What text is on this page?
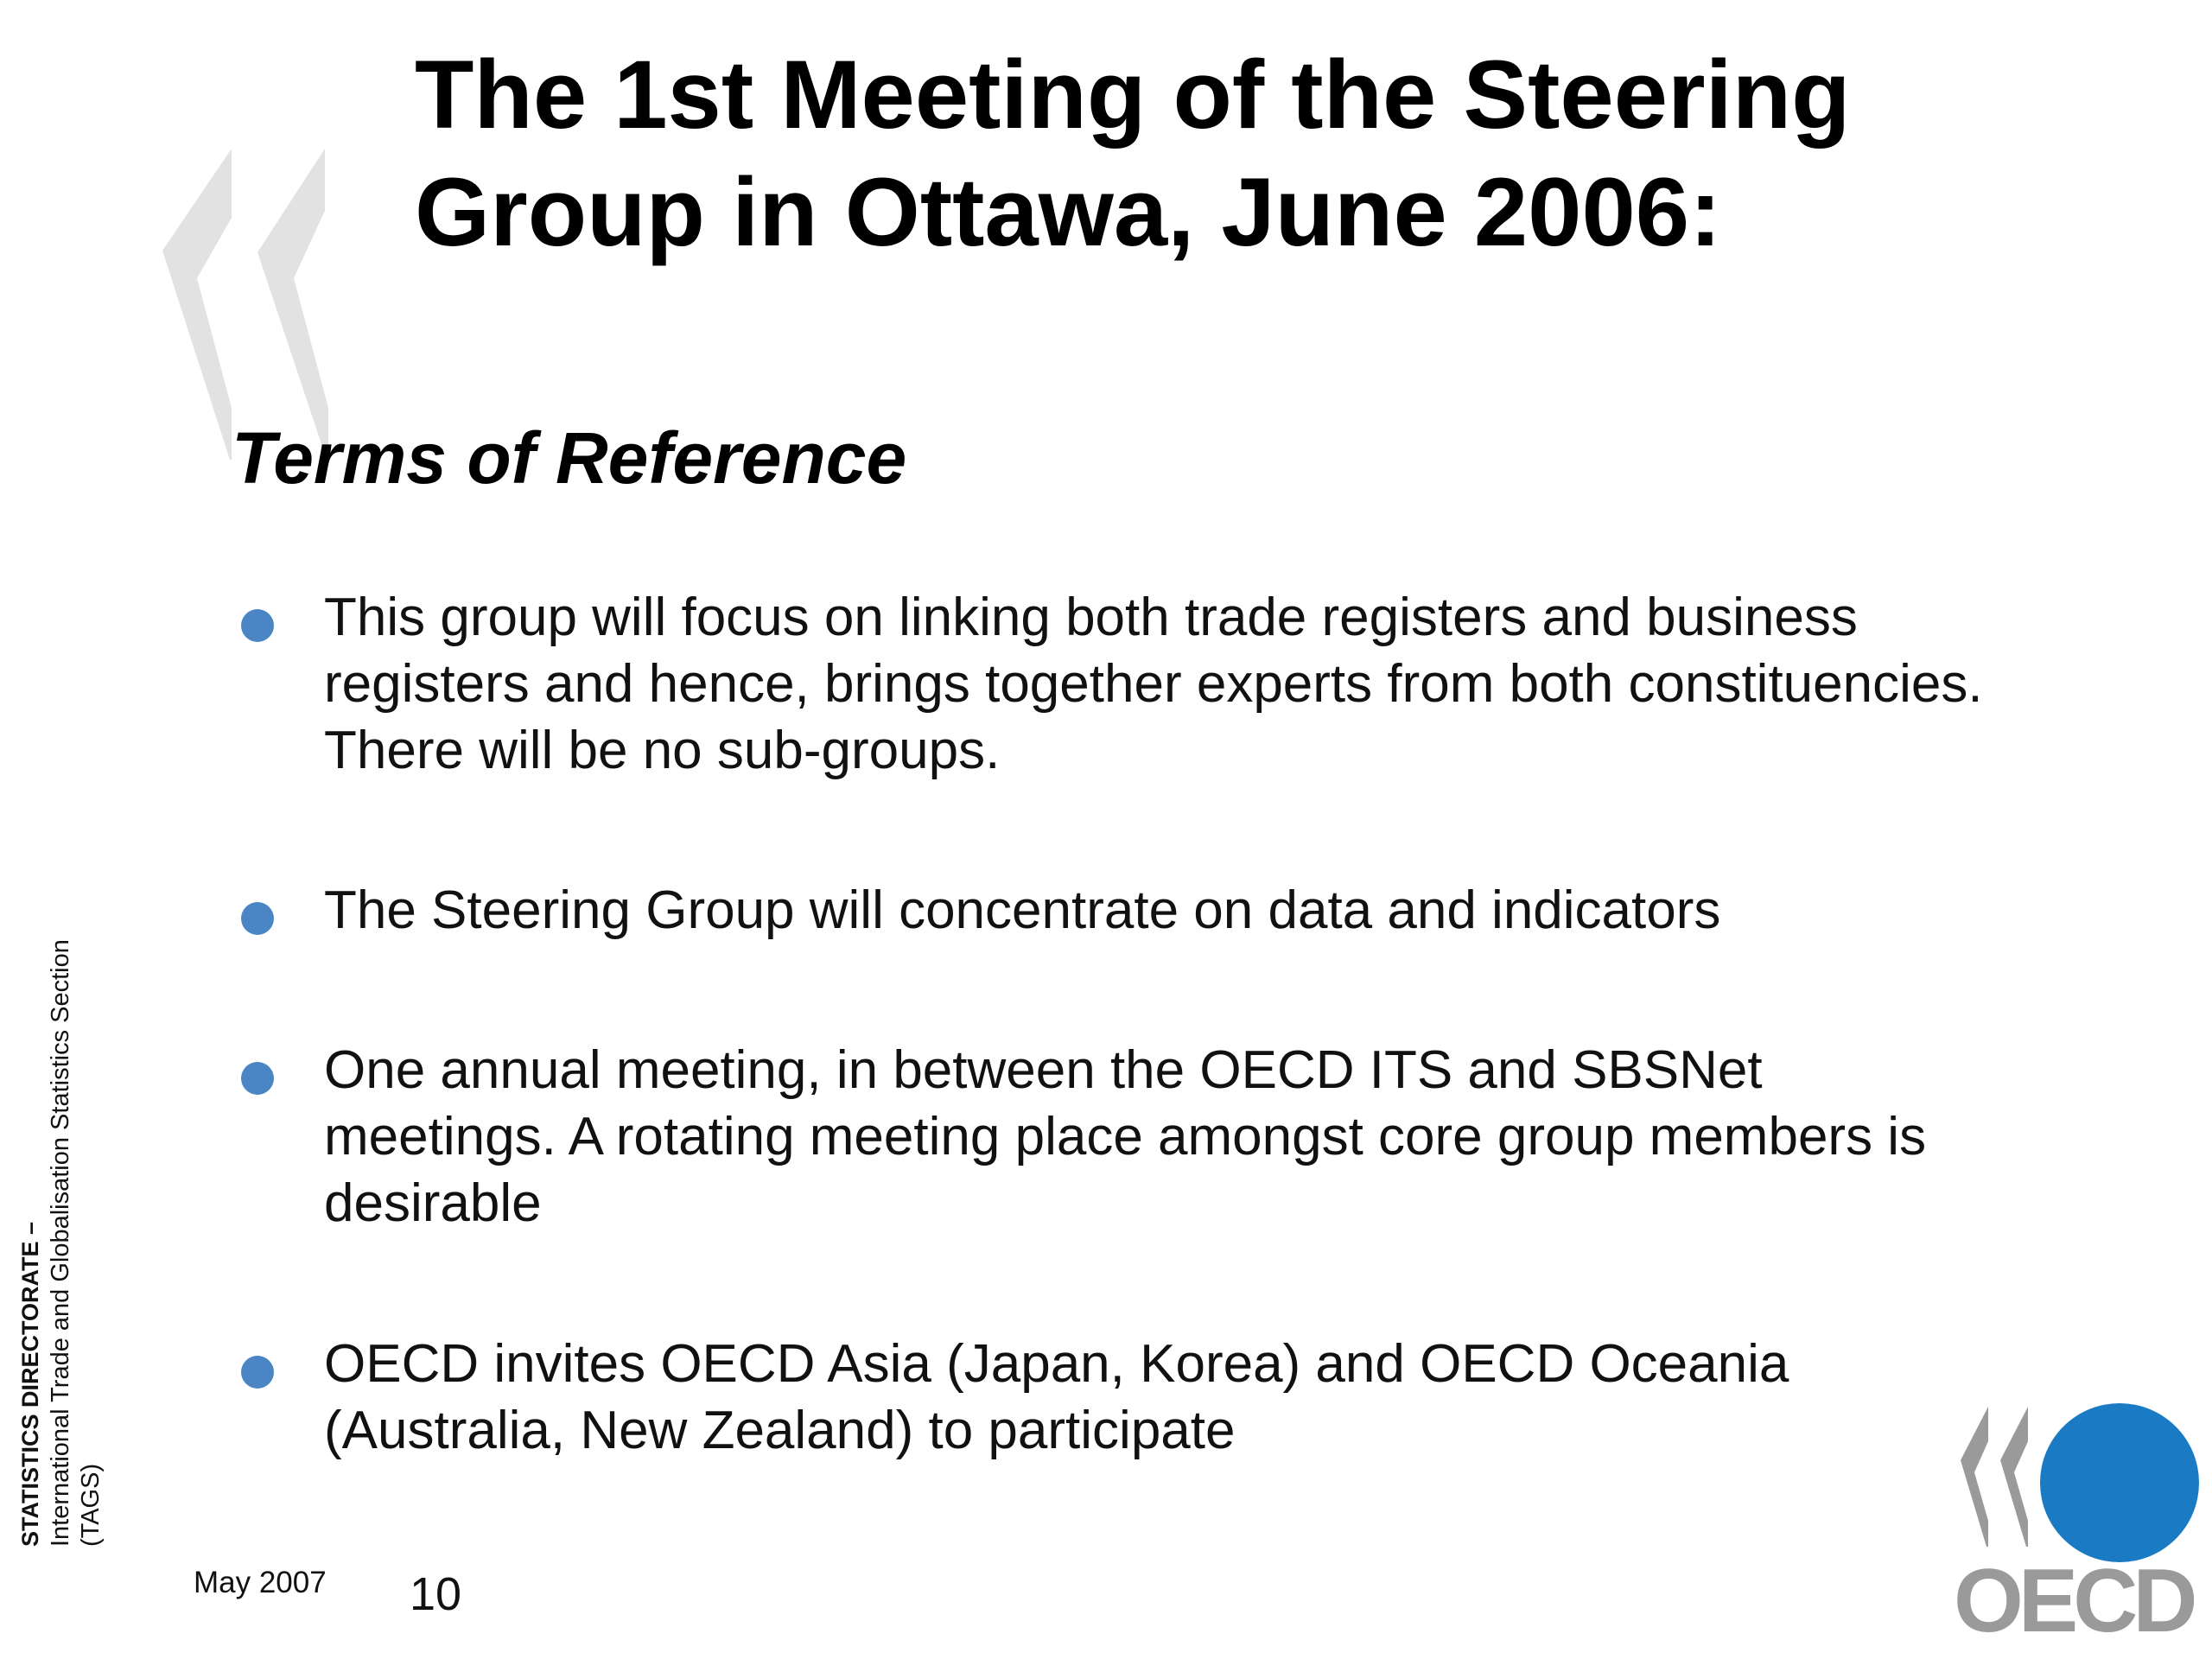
The 1st Meeting of the Steering
Group in Ottawa, June 2006:
Terms of Reference
This group will focus on linking both trade registers and business
registers and hence, brings together experts from both constituencies.
There will be no sub-groups.
The Steering Group will concentrate on data and indicators
One annual meeting, in between the OECD ITS and SBSNet
meetings. A rotating meeting place amongst core group members is
desirable
OECD invites OECD Asia (Japan, Korea) and OECD Oceania
(Australia, New Zealand) to participate
STATISTICS DIRECTORATE – International Trade and Globalisation Statistics Section (TAGS)
May 2007 10	OECD
